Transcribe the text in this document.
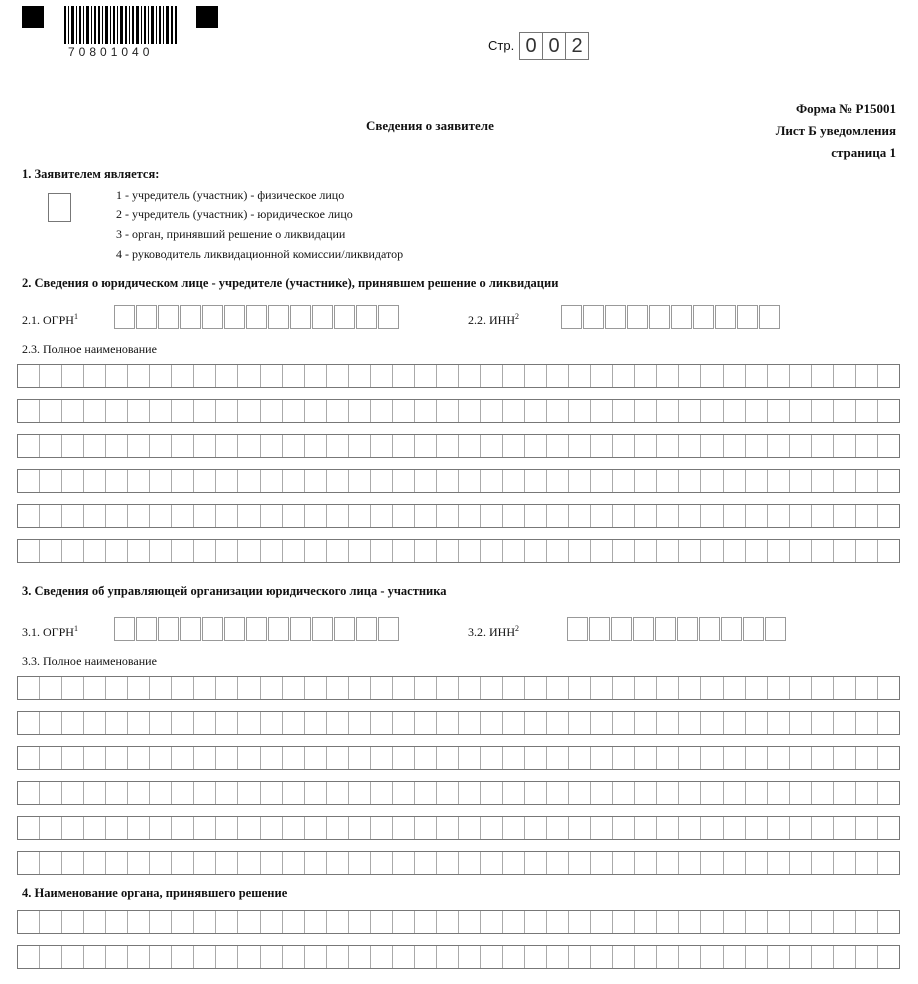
70801040	Стр. 0 0 2
Сведения о заявителе
Форма № Р15001
Лист Б уведомления
страница 1
1. Заявителем является:
1 - учредитель (участник) - физическое лицо
2 - учредитель (участник) - юридическое лицо
3 - орган, принявший решение о ликвидации
4 - руководитель ликвидационной комиссии/ликвидатор
2. Сведения о юридическом лице - учредителе (участнике), принявшем решение о ликвидации
2.1. ОГРН$^1$	2.2. ИНН$^2$
2.3. Полное наименование
3. Сведения об управляющей организации юридического лица - участника
3.1. ОГРН$^1$	3.2. ИНН$^2$
3.3. Полное наименование
4. Наименование органа, принявшего решение
